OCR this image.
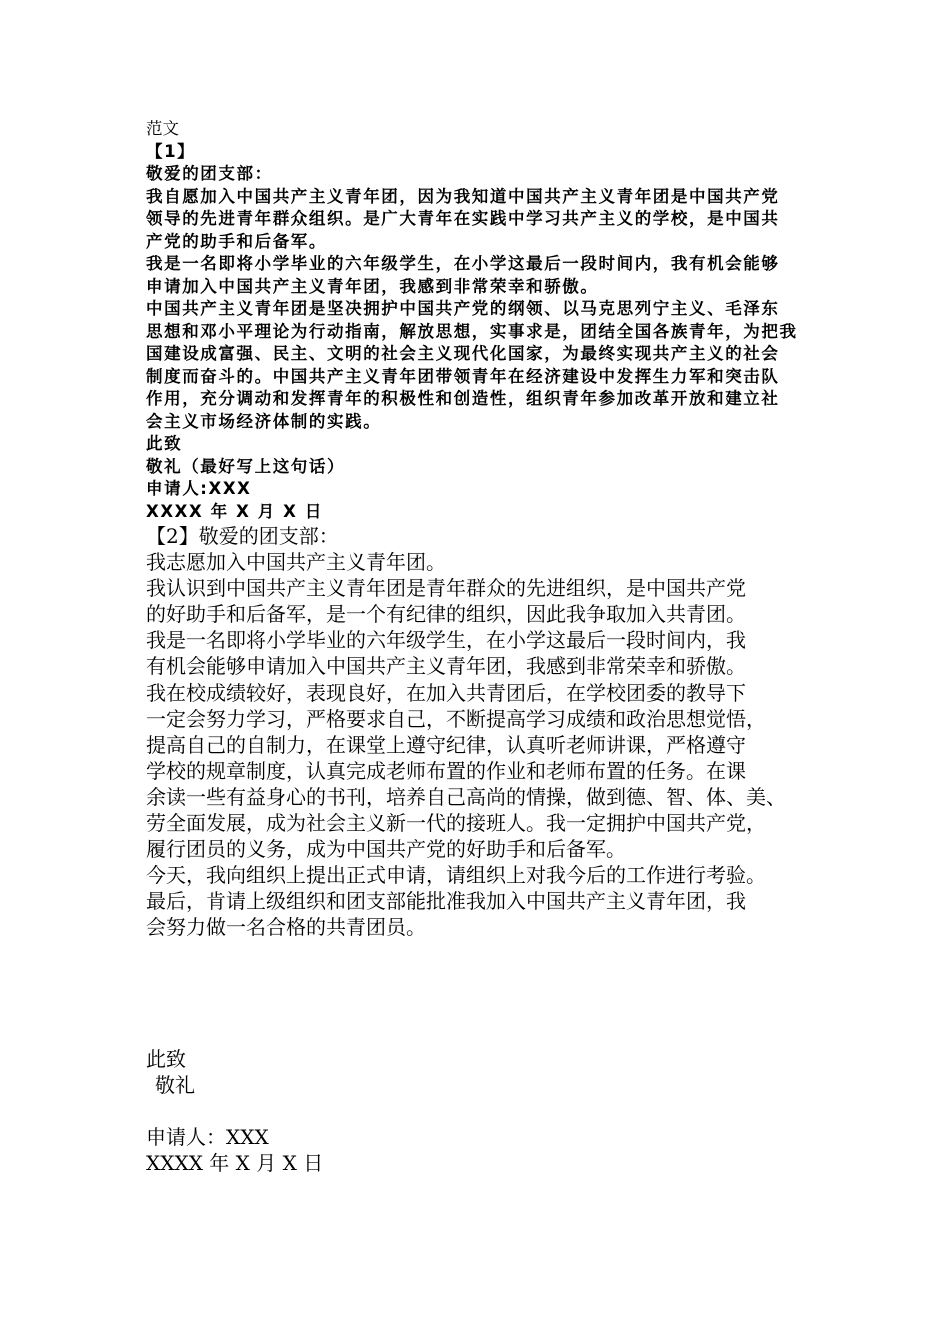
范文
【1】
敬爱的团支部：
我自愿加入中国共产主义青年团，因为我知道中国共产主义青年团是中国共产党
领导的先进青年群众组织。是广大青年在实践中学习共产主义的学校，是中国共
产党的助手和后备军。
我是一名即将小学毕业的六年级学生，在小学这最后一段时间内，我有机会能够
申请加入中国共产主义青年团，我感到非常荣幸和骄傲。
中国共产主义青年团是坚决拥护中国共产党的纲领、以马克思列宁主义、毛泽东
思想和邓小平理论为行动指南，解放思想，实事求是，团结全国各族青年，为把我
国建设成富强、民主、文明的社会主义现代化国家，为最终实现共产主义的社会
制度而奋斗的。中国共产主义青年团带领青年在经济建设中发挥生力军和突击队
作用，充分调动和发挥青年的积极性和创造性，组织青年参加改革开放和建立社
会主义市场经济体制的实践。
此致
敬礼（最好写上这句话）
申请人:XXX
XXXX 年 X 月 X 日
【2】敬爱的团支部：
我志愿加入中国共产主义青年团。
我认识到中国共产主义青年团是青年群众的先进组织，是中国共产党
的好助手和后备军，是一个有纪律的组织，因此我争取加入共青团。
我是一名即将小学毕业的六年级学生，在小学这最后一段时间内，我
有机会能够申请加入中国共产主义青年团，我感到非常荣幸和骄傲。
我在校成绩较好，表现良好，在加入共青团后，在学校团委的教导下
一定会努力学习，严格要求自己，不断提高学习成绩和政治思想觉悟，
提高自己的自制力，在课堂上遵守纪律，认真听老师讲课，严格遵守
学校的规章制度，认真完成老师布置的作业和老师布置的任务。在课
余读一些有益身心的书刊，培养自己高尚的情操，做到德、智、体、美、
劳全面发展，成为社会主义新一代的接班人。我一定拥护中国共产党，
履行团员的义务，成为中国共产党的好助手和后备军。
今天，我向组织上提出正式申请，请组织上对我今后的工作进行考验。
最后，肯请上级组织和团支部能批准我加入中国共产主义青年团，我
会努力做一名合格的共青团员。
此致
敬礼
申请人：XXX
XXXX 年 X 月 X 日
